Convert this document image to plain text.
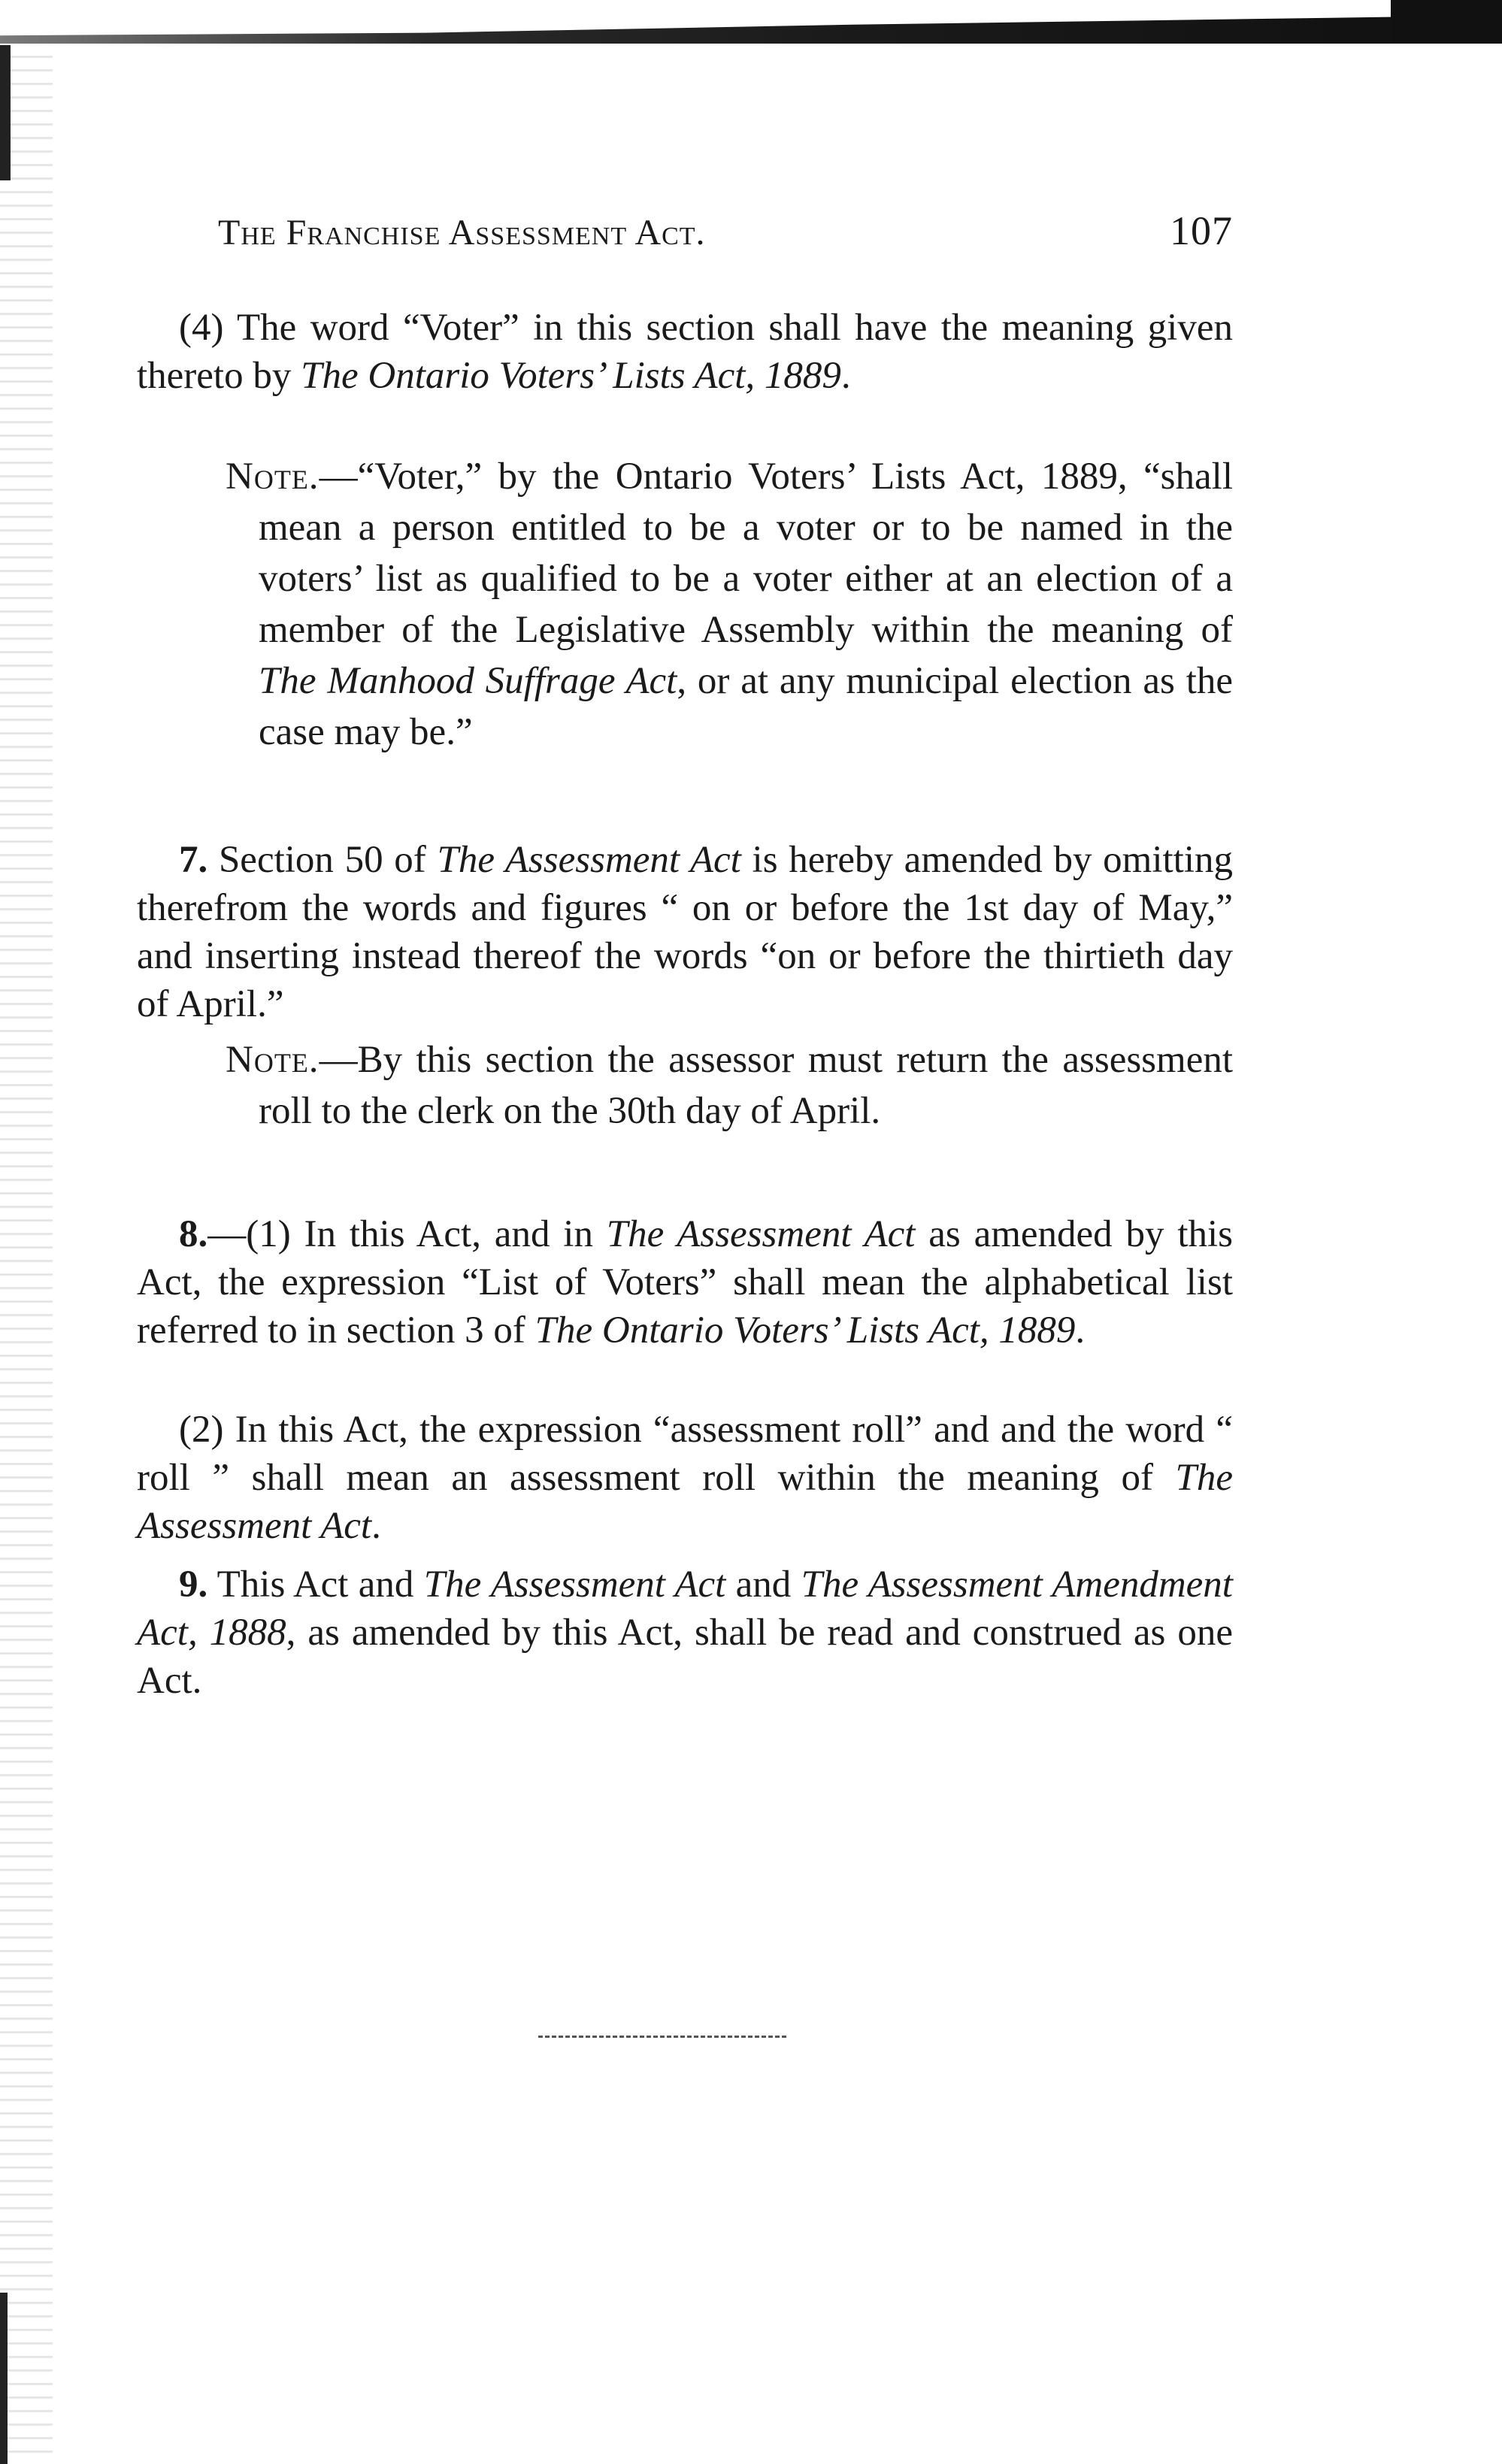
The Franchise Assessment Act.	107
(4) The word “Voter” in this section shall have the meaning given thereto by The Ontario Voters’ Lists Act, 1889.
Note.—“Voter,” by the Ontario Voters’ Lists Act, 1889, “shall mean a person entitled to be a voter or to be named in the voters’ list as qualified to be a voter either at an election of a member of the Legislative Assembly within the meaning of The Manhood Suffrage Act, or at any municipal election as the case may be.”
7. Section 50 of The Assessment Act is hereby amended by omitting therefrom the words and figures “ on or before the 1st day of May,” and inserting instead thereof the words “on or before the thirtieth day of April.”
Note.—By this section the assessor must return the assessment roll to the clerk on the 30th day of April.
8.—(1) In this Act, and in The Assessment Act as amended by this Act, the expression “List of Voters” shall mean the alphabetical list referred to in section 3 of The Ontario Voters’ Lists Act, 1889.
(2) In this Act, the expression “assessment roll” and and the word “ roll ” shall mean an assessment roll within the meaning of The Assessment Act.
9. This Act and The Assessment Act and The Assessment Amendment Act, 1888, as amended by this Act, shall be read and construed as one Act.
